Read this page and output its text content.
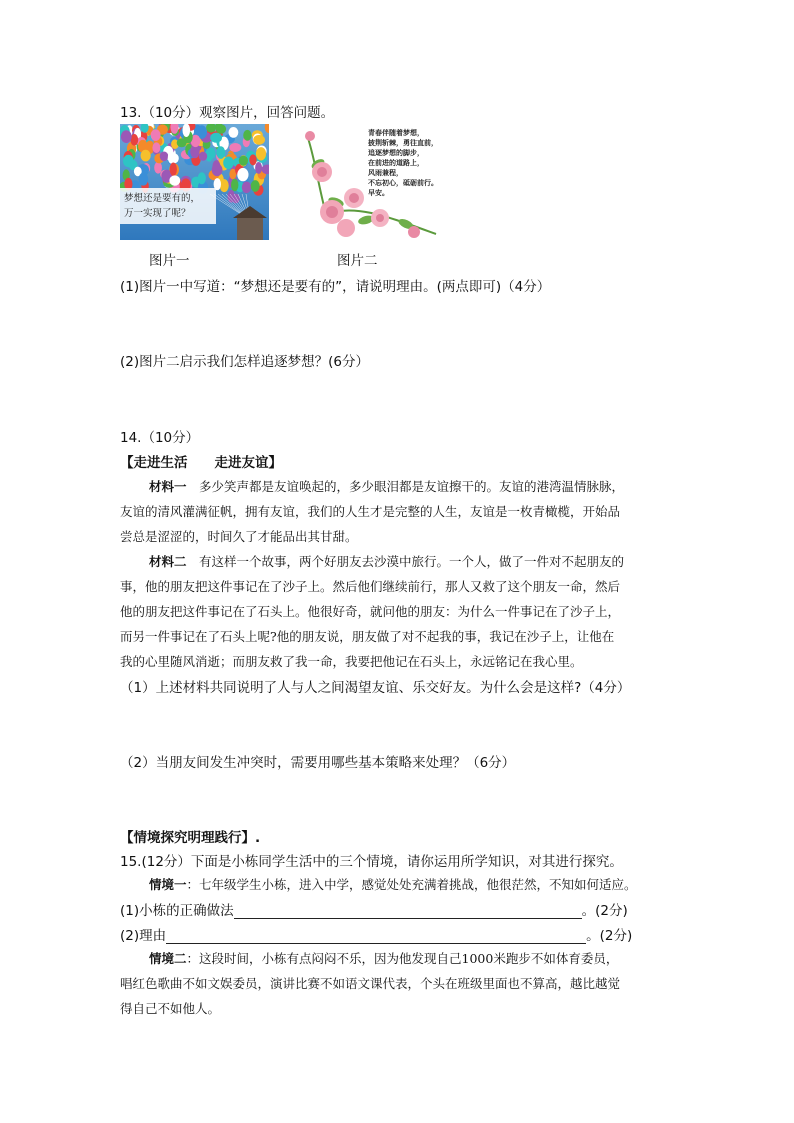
13.（10分）观察图片，回答问题。
梦想还是要有的，
万一实现了呢？
青春伴随着梦想，
披荆斩棘，勇往直前，
追逐梦想的脚步，
在前进的道路上，
风雨兼程，
不忘初心，砥砺前行。
早安。
图片一	图片二
(1)图片一中写道：“梦想还是要有的”，请说明理由。(两点即可)（4分）
(2)图片二启示我们怎样追逐梦想？(6分）
14.（10分）
【走进生活　　走进友谊】
材料一　多少笑声都是友谊唤起的，多少眼泪都是友谊擦干的。友谊的港湾温情脉脉，
友谊的清风灌满征帆，拥有友谊，我们的人生才是完整的人生，友谊是一枚青橄榄，开始品
尝总是涩涩的，时间久了才能品出其甘甜。
材料二　有这样一个故事，两个好朋友去沙漠中旅行。一个人，做了一件对不起朋友的
事，他的朋友把这件事记在了沙子上。然后他们继续前行，那人又救了这个朋友一命，然后
他的朋友把这件事记在了石头上。他很好奇，就问他的朋友：为什么一件事记在了沙子上，
而另一件事记在了石头上呢?他的朋友说，朋友做了对不起我的事，我记在沙子上，让他在
我的心里随风消逝；而朋友救了我一命，我要把他记在石头上，永远铭记在我心里。
（1）上述材料共同说明了人与人之间渴望友谊、乐交好友。为什么会是这样?（4分）
（2）当朋友间发生冲突时，需要用哪些基本策略来处理？（6分）
【情境探究明理践行】.
15.(12分）下面是小栋同学生活中的三个情境，请你运用所学知识，对其进行探究。
情境一：七年级学生小栋，进入中学，感觉处处充满着挑战，他很茫然，不知如何适应。
(1)小栋的正确做法	。(2分)
(2)理由	。(2分)
情境二：这段时间，小栋有点闷闷不乐，因为他发现自己1000米跑步不如体育委员，
唱红色歌曲不如文娱委员，演讲比赛不如语文课代表，个头在班级里面也不算高，越比越觉
得自己不如他人。
